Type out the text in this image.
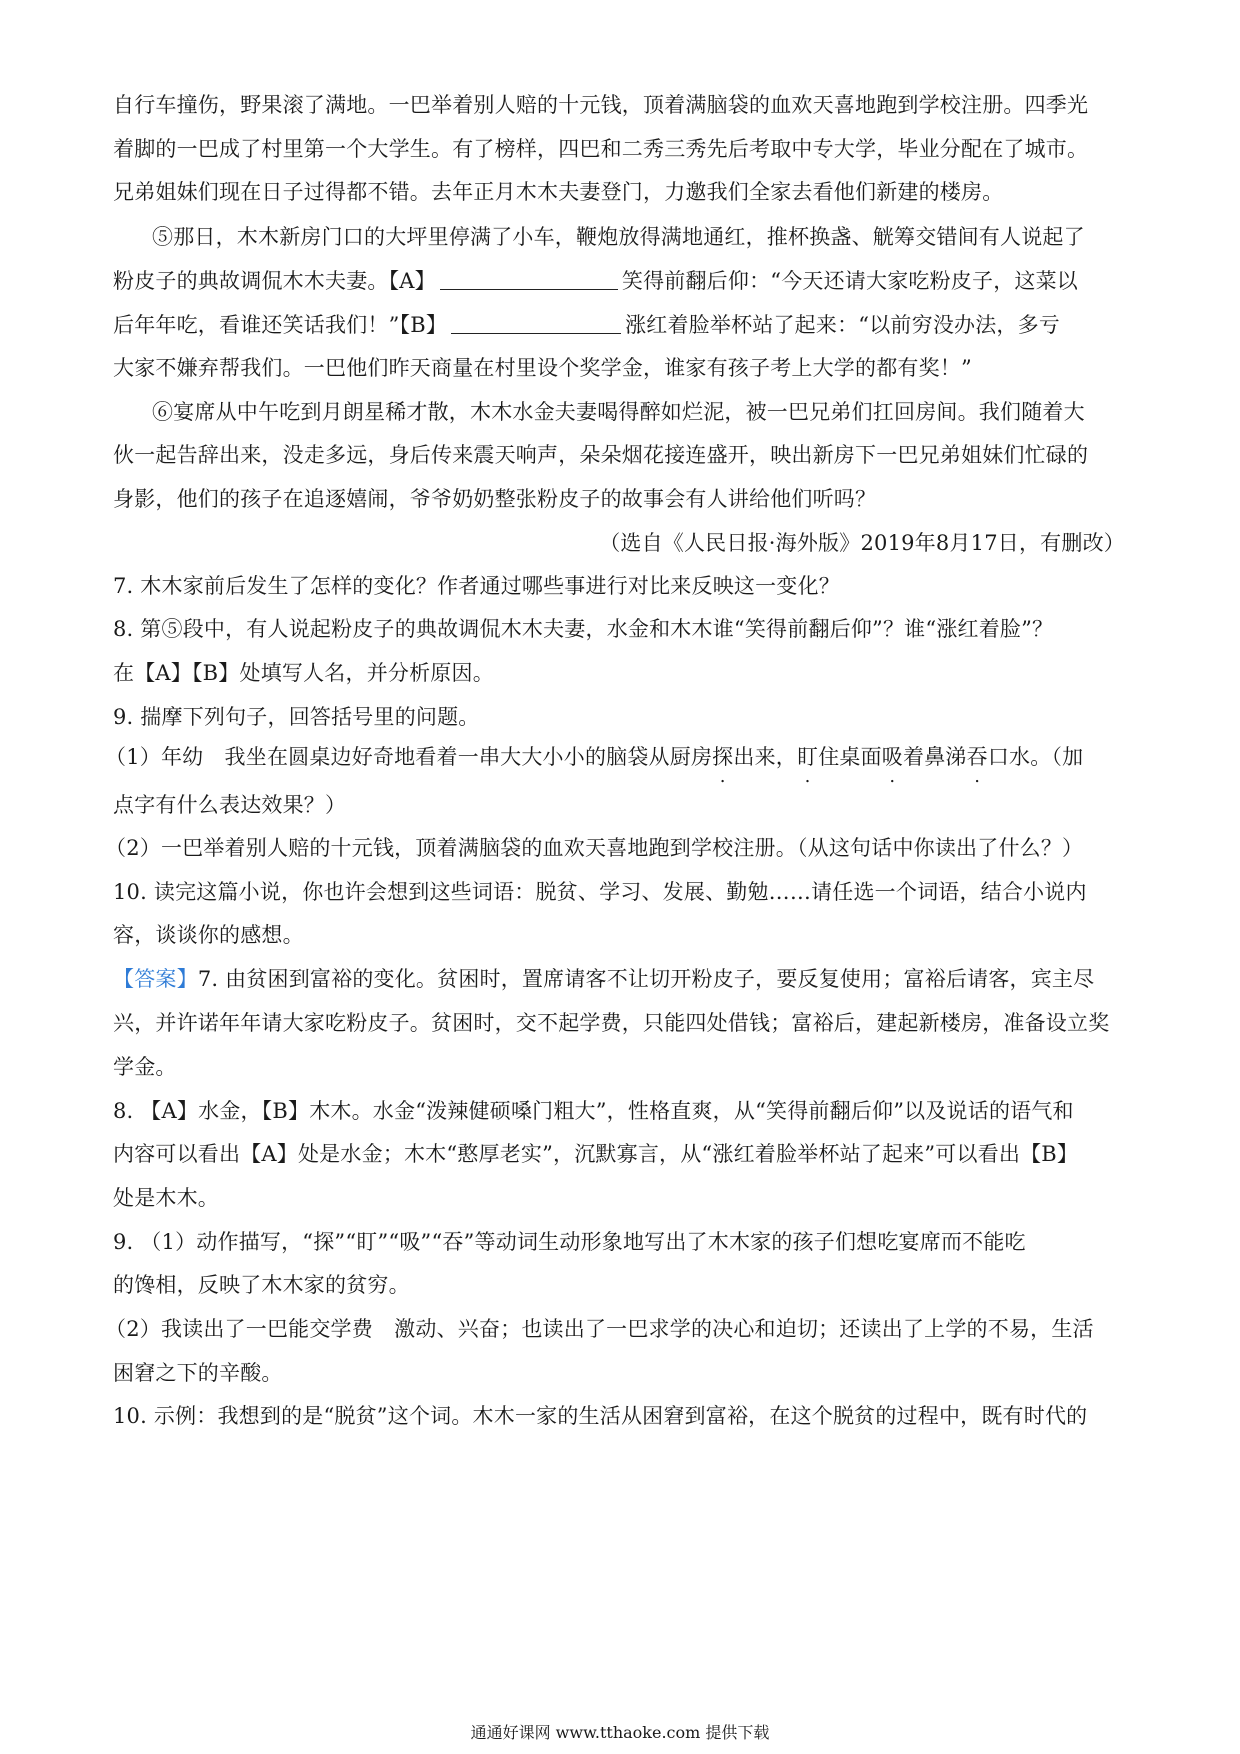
自行车撞伤，野果滚了满地。一巴举着别人赔的十元钱，顶着满脑袋的血欢天喜地跑到学校注册。四季光
着脚的一巴成了村里第一个大学生。有了榜样，四巴和二秀三秀先后考取中专大学，毕业分配在了城市。
兄弟姐妹们现在日子过得都不错。去年正月木木夫妻登门，力邀我们全家去看他们新建的楼房。
⑤那日，木木新房门口的大坪里停满了小车，鞭炮放得满地通红，推杯换盏、觥筹交错间有人说起了
粉皮子的典故调侃木木夫妻。【A】	笑得前翻后仰：“今天还请大家吃粉皮子，这菜以
后年年吃，看谁还笑话我们！”【B】	涨红着脸举杯站了起来：“以前穷没办法，多亏
大家不嫌弃帮我们。一巴他们昨天商量在村里设个奖学金，谁家有孩子考上大学的都有奖！”
⑥宴席从中午吃到月朗星稀才散，木木水金夫妻喝得醉如烂泥，被一巴兄弟们扛回房间。我们随着大
伙一起告辞出来，没走多远，身后传来震天响声，朵朵烟花接连盛开，映出新房下一巴兄弟姐妹们忙碌的
身影，他们的孩子在追逐嬉闹，爷爷奶奶整张粉皮子的故事会有人讲给他们听吗？
（选自《人民日报·海外版》2019年8月17日，有删改）
7. 木木家前后发生了怎样的变化？作者通过哪些事进行对比来反映这一变化？
8. 第⑤段中，有人说起粉皮子的典故调侃木木夫妻，水金和木木谁“笑得前翻后仰”？谁“涨红着脸”？
在【A】【B】处填写人名，并分析原因。
9. 揣摩下列句子，回答括号里的问题。
（1）年幼　我坐在圆桌边好奇地看着一串大大小小的脑袋从厨房探出来，盯住桌面吸着鼻涕吞口水。（加
点字有什么表达效果？）
（2）一巴举着别人赔的十元钱，顶着满脑袋的血欢天喜地跑到学校注册。（从这句话中你读出了什么？）
10. 读完这篇小说，你也许会想到这些词语：脱贫、学习、发展、勤勉……请任选一个词语，结合小说内
容，谈谈你的感想。
【答案】7. 由贫困到富裕的变化。贫困时，置席请客不让切开粉皮子，要反复使用；富裕后请客，宾主尽
兴，并许诺年年请大家吃粉皮子。贫困时，交不起学费，只能四处借钱；富裕后，建起新楼房，准备设立奖
学金。
8. 【A】水金，【B】木木。水金“泼辣健硕嗓门粗大”，性格直爽，从“笑得前翻后仰”以及说话的语气和
内容可以看出【A】处是水金；木木“憨厚老实”，沉默寡言，从“涨红着脸举杯站了起来”可以看出【B】
处是木木。
9. （1）动作描写，“探”“盯”“吸”“吞”等动词生动形象地写出了木木家的孩子们想吃宴席而不能吃
的馋相，反映了木木家的贫穷。
（2）我读出了一巴能交学费　激动、兴奋；也读出了一巴求学的决心和迫切；还读出了上学的不易，生活
困窘之下的辛酸。
10. 示例：我想到的是“脱贫”这个词。木木一家的生活从困窘到富裕，在这个脱贫的过程中，既有时代的
通通好课网 www.tthaoke.com 提供下载
